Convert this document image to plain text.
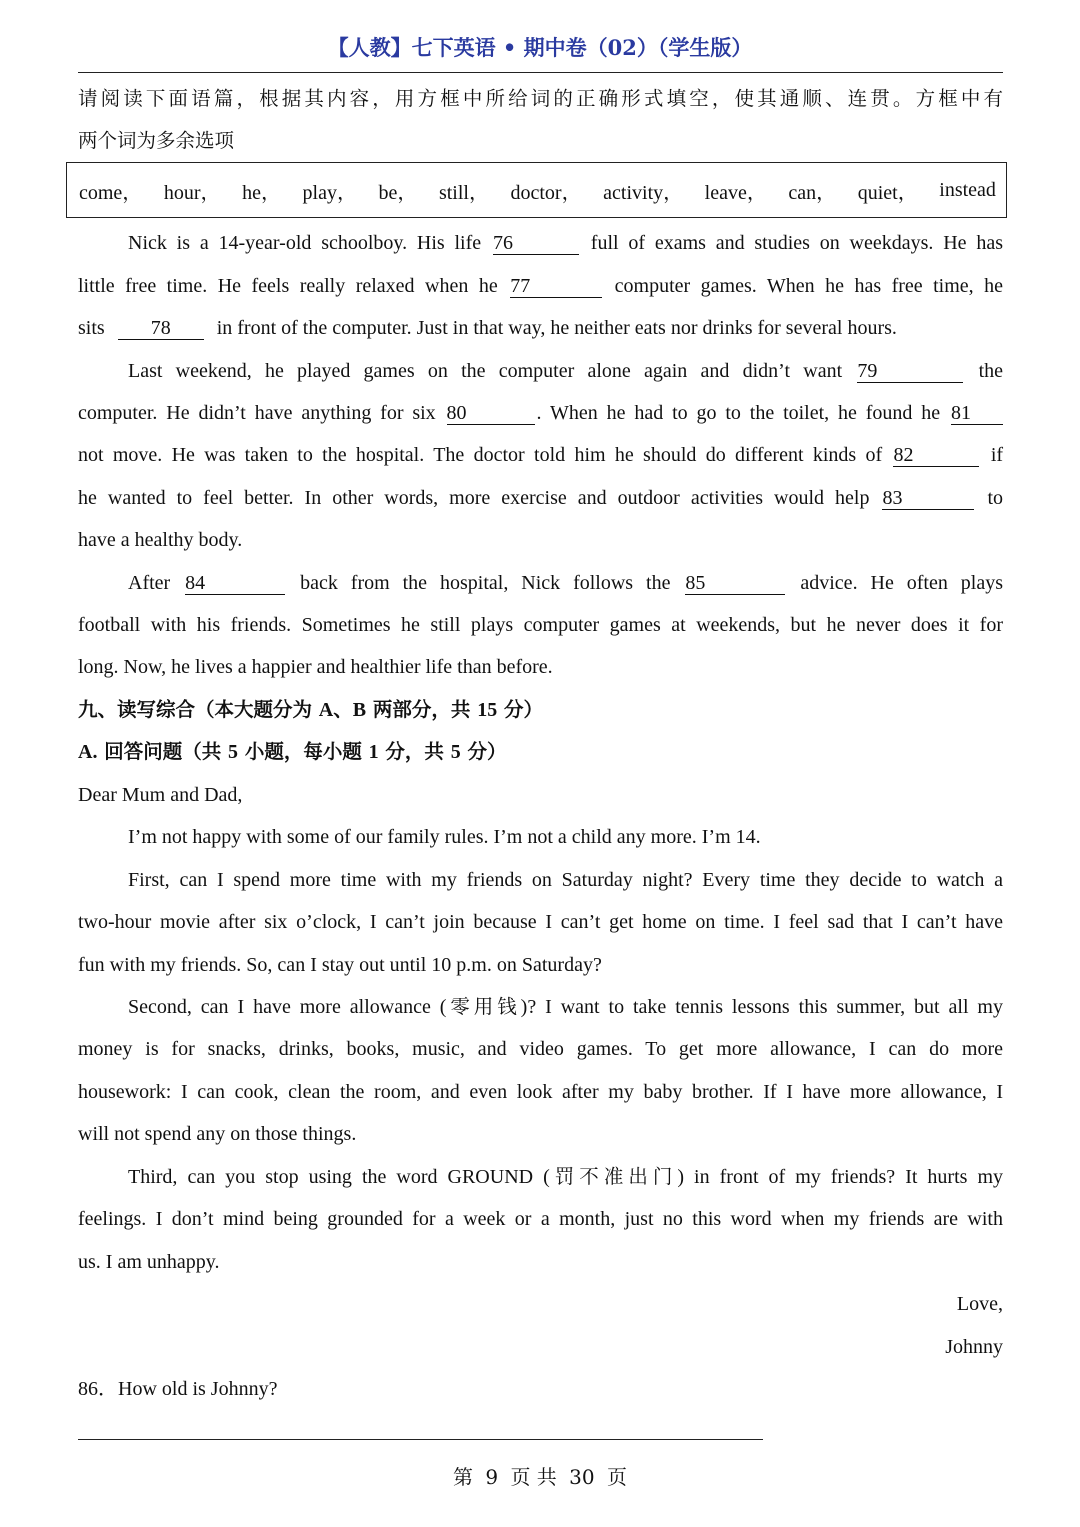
【人教】七下英语 • 期中卷（02）（学生版）
请阅读下面语篇，根据其内容，用方框中所给词的正确形式填空，使其通顺、连贯。方框中有
两个词为多余选项
come， hour， he， play， be， still， doctor， activity， leave， can， quiet， instead
Nick is a 14-year-old schoolboy. His life 76	full of exams and studies on weekdays. He has
little free time. He feels really relaxed when he 77	computer games. When he has free time, he
sits 78 in front of the computer. Just in that way, he neither eats nor drinks for several hours.
Last weekend, he played games on the computer alone again and didn’t want 79	the
computer. He didn’t have anything for six 80	. When he had to go to the toilet, he found he 81
not move. He was taken to the hospital. The doctor told him he should do different kinds of 82	if
he wanted to feel better. In other words, more exercise and outdoor activities would help 83	to
have a healthy body.
After 84	back from the hospital, Nick follows the 85	advice. He often plays
football with his friends. Sometimes he still plays computer games at weekends, but he never does it for
long. Now, he lives a happier and healthier life than before.
九、读写综合（本大题分为 A、B 两部分，共 15 分）
A. 回答问题（共 5 小题，每小题 1 分，共 5 分）
Dear Mum and Dad,
I’m not happy with some of our family rules. I’m not a child any more. I’m 14.
First, can I spend more time with my friends on Saturday night? Every time they decide to watch a
two-hour movie after six o’clock, I can’t join because I can’t get home on time. I feel sad that I can’t have
fun with my friends. So, can I stay out until 10 p.m. on Saturday?
Second, can I have more allowance (零用钱)? I want to take tennis lessons this summer, but all my
money is for snacks, drinks, books, music, and video games. To get more allowance, I can do more
housework: I can cook, clean the room, and even look after my baby brother. If I have more allowance, I
will not spend any on those things.
Third, can you stop using the word GROUND (罚不准出门) in front of my friends? It hurts my
feelings. I don’t mind being grounded for a week or a month, just no this word when my friends are with
us. I am unhappy.
Love,
Johnny
86．How old is Johnny?
第 9 页 共 30 页
